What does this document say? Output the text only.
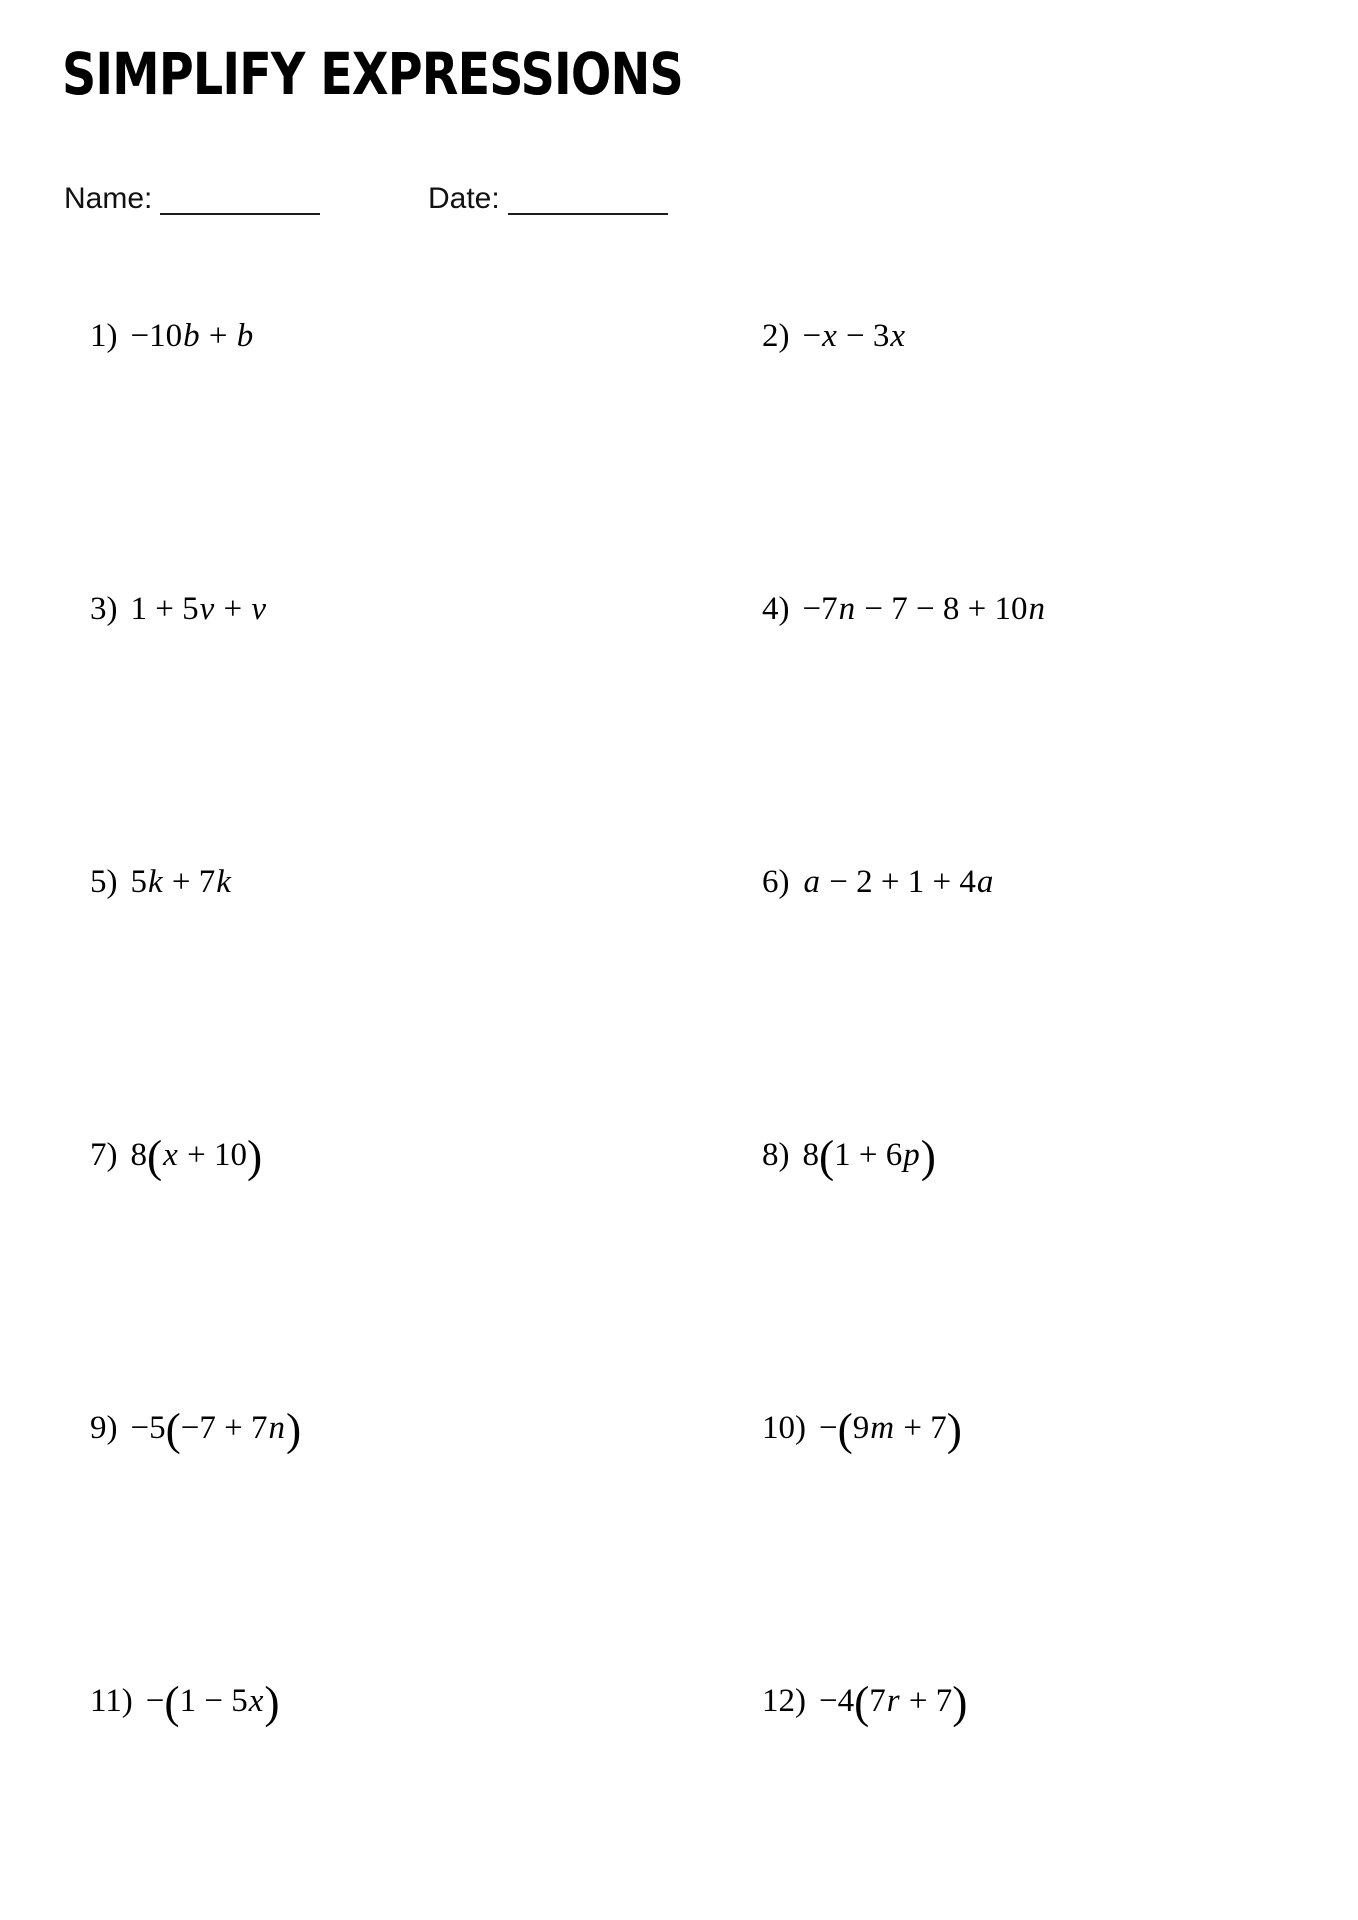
SIMPLIFY EXPRESSIONS
Name:	Date:
1) −10b + b	2) −x − 3x
3) 1 + 5v + v	4) −7n − 7 − 8 + 10n
5) 5k + 7k	6) a − 2 + 1 + 4a
7) 8(x + 10)	8) 8(1 + 6p)
9) −5(−7 + 7n)	10) −(9m + 7)
11) −(1 − 5x)	12) −4(7r + 7)
